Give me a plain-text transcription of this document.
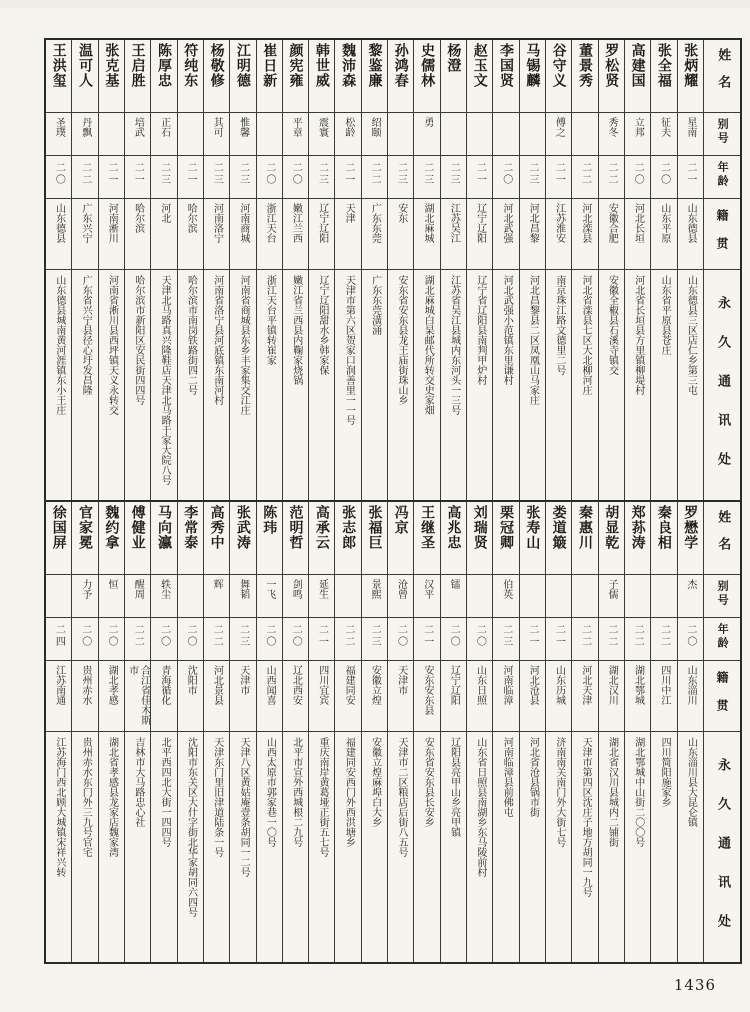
王洪玺
圣璞
二〇
山东德县
山东德县城南黄河涯镇东小王庄
温可人
丹飘
二二
广东兴宁
广东省兴宁县径心圩发昌隆
张克基
二一
河南淅川
河南省淅川县西坪镇天义永转交
王启胜
培武
二一
哈尔滨
哈尔滨市新阳区安民街四四号
陈厚忠
正石
二三
河北
天津北马路真兴隆鞋店天津北马路于家大院八号
符纯东
二一
哈尔滨
哈尔滨市南岗铁路街四二号
杨敬修
其可
二三
河南洛宁
河南省洛宁县河底镇东南河村
江明德
惟馨
二三
河南商城
河南省商城县东乡丰家集交江庄
崔日新
二〇
浙江天台
浙江天台平镇转崔家
颜宪雍
平章
二〇
嫩江兰西
嫩江省兰西县内鞠家烧锅
韩世威
震寰
二三
辽宁辽阳
辽宁辽阳甜水乡韩家保
魏沛森
松龄
二一
天津
天津市第六区贺家口润善里一一号
黎鉴廉
绍颐
二二
广东东莞
广东东莞潢涌
孙鸿春
二三
安东
安东省安东县龙王庙街珠山乡
史儒林
勇
二三
湖北麻城
湖北麻城白杲邮代所转交史家畑
杨澄
二三
江苏吴江
江苏省吴江县城内东河头一三号
赵玉文
二一
辽宁辽阳
辽宁省辽阳县南判甲炉村
李国贤
二〇
河北武强
河北武强小范镇东里谦村
马锡麟
二三
河北昌黎
河北昌黎县二区凤凰山马家庄
谷守义
傅之
二一
江苏淮安
南京珠江路文德里二号
董景秀
二二
河北滦县
河北省滦县七区大北柳河庄
罗松贤
秀冬
二二
安徽合肥
安徽全椒县石溪寺镇交
高建国
立邦
二〇
河北长垣
河北省长垣县方里镇柳堤村
张全福
征夫
二〇
山东平原
山东省平原县苍庄
张炳耀
星南
二一
山东德县
山东德县三区店仁乡第三屯
姓名
别号
年龄
籍贯
永久通讯处
徐国屏
二四
江苏南通
江苏海门西北顾大城镇宋祥兴转
官家冕
力予
二〇
贵州赤水
贵州赤水东门外三九号官宅
魏约拿
恒
二〇
湖北孝感
湖北省孝感县龙家店魏家湾
傅健业
醒周
二二
合江省佳木斯市
吉林市大马路忠心社
马向瀛
轶尘
二〇
青海循化
北平西四北大街一四四号
李常泰
二〇
沈阳市
沈阳市东关区大什字街北华家胡同六四号
高秀中
辉
二二
河北景县
天津东门里旧津道陆条一号
张武涛
舞韬
二三
天津市
天津八区黄姑庵壹条胡同一二号
陈玮
一飞
二〇
山西闻喜
山西太原市郭家巷一〇号
范明哲
剑鸣
二〇
辽北西安
北平市宣外西城根二九号
高承云
延生
二一
四川宜宾
重庆南岸黄葛垭正街五七号
张志郎
二二
福建同安
福建同安西门外西洪塘乡
张福巨
景熙
二三
安徽立煌
安徽立煌麻埠白大乡
冯京
沧曾
二〇
天津市
天津市二区粮店后街八五号
王继圣
汉平
二一
安东安东县
安东省安东县长安乡
高兆忠
镭
二〇
辽宁辽阳
辽阳县亮甲山乡亮甲镇
刘瑞贤
二〇
山东日照
山东省日照县南湖乡东马陵前村
栗冠卿
伯英
二三
河南临漳
河南临漳县前佛屯
张寿山
二一
河北沧县
河北省沧县锅市街
娄道簸
二一
山东历城
济南南关南门外大街七号
秦惠川
二二
河北天津
天津市第四区沈庄子地方胡同一九号
胡显乾
子儒
二二
湖北汉川
湖北省汉川县城内二铺街
郑荪涛
二二
湖北鄂城
湖北鄂城中山街二〇〇号
秦良相
二二
四川中江
四川简阳施家乡
罗懋学
杰
二〇
山东淄川
山东淄川县大昆仑镇
姓名
别号
年龄
籍贯
永久通讯处
1436
